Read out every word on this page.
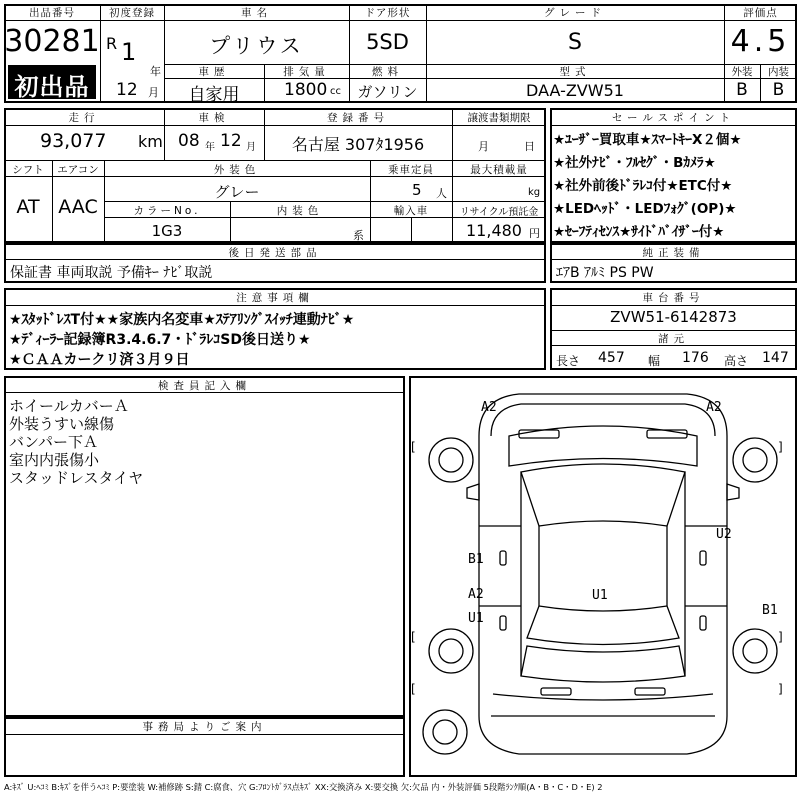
出品番号
30281
初出品
初度登録
R 1
年
12 月
車名
プリウス
車歴
自家用
排気量
1800 cc
ドア形状
5SD
燃料
ガソリン
グレード
S
型式
DAA-ZVW51
評価点
4.5
外装	内装
B	B
走行
93,077 km
車検
08 年 12 月
登録番号
名古屋 307ﾀ1956
譲渡書類期限
月	日
シフト
AT
エアコン
AAC
外装色
グレー
乗車定員
5 人
最大積載量
kg
カラーNo.
1G3
内装色
系
輸入車	リサイクル預託金
11,480 円
セールスポイント
★ﾕｰｻﾞｰ買取車★ｽﾏｰﾄｷｰX２個★
★社外ﾅﾋﾞ・ﾌﾙｾｸﾞ・Bｶﾒﾗ★
★社外前後ﾄﾞﾗﾚｺ付★ETC付★
★LEDﾍｯﾄﾞ・LEDﾌｫｸﾞ(OP)★
★ｾｰﾌﾃｨｾﾝｽ★ｻｲﾄﾞﾊﾞｲｻﾞｰ付★
後日発送部品
保証書 車両取説 予備ｷｰ ﾅﾋﾞ取説
純正装備
ｴｱB ｱﾙﾐ PS PW
注意事項欄
★ｽﾀｯﾄﾞﾚｽT付★★家族内名変車★ｽﾃｱﾘﾝｸﾞｽｲｯﾁ連動ﾅﾋﾞ★
★ﾃﾞｨｰﾗｰ記録簿R3.4.6.7・ﾄﾞﾗﾚｺSD後日送り★
★ＣＡＡカークリ済３月９日
車台番号
ZVW51-6142873
諸元
長さ 457 幅 176 高さ 147
検査員記入欄
ホイールカバーＡ
外装うすい線傷
バンパー下Ａ
室内内張傷小
スタッドレスタイヤ
事務局よりご案内
A2	A2
B1
U2
A2	U1
U1
B1
[	]
[	]
[	]
A:ｷｽﾞ U:ﾍｺﾐ B:ｷｽﾞを伴うﾍｺﾐ P:要塗装 W:補修跡 S:錆 C:腐食、穴 G:ﾌﾛﾝﾄｶﾞﾗｽ点ｷｽﾞ XX:交換済み X:要交換 欠:欠品 内・外装評価 5段階ﾗﾝｸ順(A・B・C・D・E) 2
